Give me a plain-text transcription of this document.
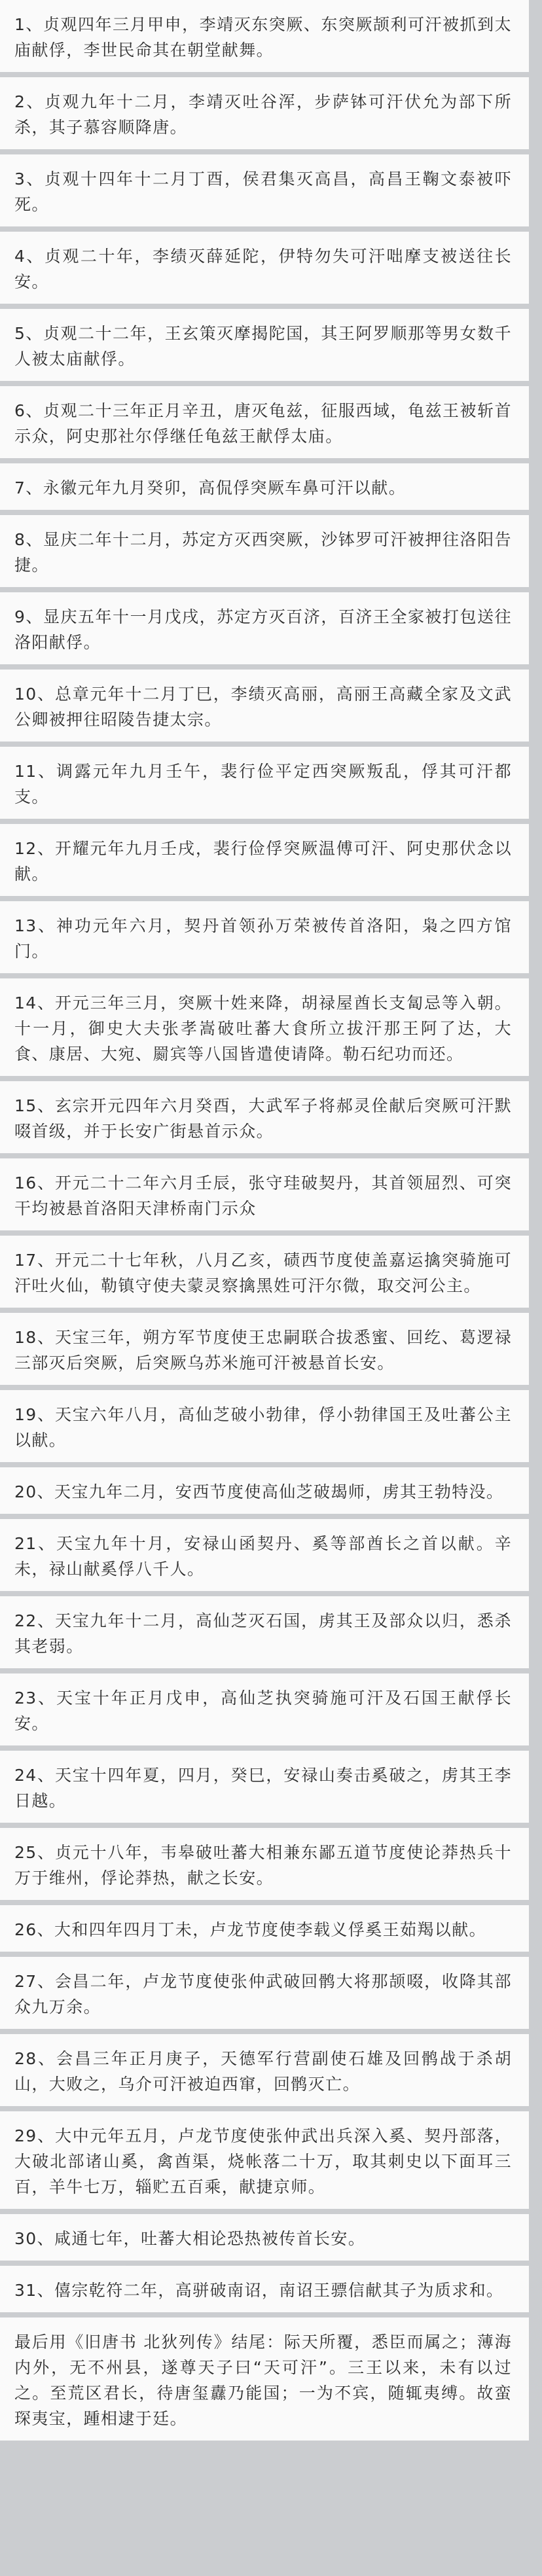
1、贞观四年三月甲申，李靖灭东突厥、东突厥颉利可汗被抓到太庙献俘，李世民命其在朝堂献舞。

2、贞观九年十二月，李靖灭吐谷浑，步萨钵可汗伏允为部下所杀，其子慕容顺降唐。

3、贞观十四年十二月丁酉，侯君集灭高昌，高昌王鞠文泰被吓死。

4、贞观二十年，李绩灭薛延陀，伊特勿失可汗咄摩支被送往长安。

5、贞观二十二年，王玄策灭摩揭陀国，其王阿罗顺那等男女数千人被太庙献俘。

6、贞观二十三年正月辛丑，唐灭龟兹，征服西域，龟兹王被斩首示众，阿史那社尔俘继任龟兹王献俘太庙。

7、永徽元年九月癸卯，高侃俘突厥车鼻可汗以献。

8、显庆二年十二月，苏定方灭西突厥，沙钵罗可汗被押往洛阳告捷。

9、显庆五年十一月戊戌，苏定方灭百济，百济王全家被打包送往洛阳献俘。

10、总章元年十二月丁巳，李绩灭高丽，高丽王高藏全家及文武公卿被押往昭陵告捷太宗。

11、调露元年九月壬午，裴行俭平定西突厥叛乱，俘其可汗都支。

12、开耀元年九月壬戌，裴行俭俘突厥温傅可汗、阿史那伏念以献。

13、神功元年六月，契丹首领孙万荣被传首洛阳，枭之四方馆门。

14、开元三年三月，突厥十姓来降，胡禄屋酋长支匐忌等入朝。十一月，御史大夫张孝嵩破吐蕃大食所立拔汗那王阿了达，大食、康居、大宛、罽宾等八国皆遣使请降。勒石纪功而还。

15、玄宗开元四年六月癸酉，大武军子将郝灵佺献后突厥可汗默啜首级，并于长安广街悬首示众。

16、开元二十二年六月壬辰，张守珪破契丹，其首领屈烈、可突干均被悬首洛阳天津桥南门示众

17、开元二十七年秋，八月乙亥，碛西节度使盖嘉运擒突骑施可汗吐火仙，勒镇守使夫蒙灵察擒黑姓可汗尔微，取交河公主。

18、天宝三年，朔方军节度使王忠嗣联合拔悉蜜、回纥、葛逻禄三部灭后突厥，后突厥乌苏米施可汗被悬首长安。

19、天宝六年八月，高仙芝破小勃律，俘小勃律国王及吐蕃公主以献。

20、天宝九年二月，安西节度使高仙芝破朅师，虏其王勃特没。

21、天宝九年十月，安禄山函契丹、奚等部酋长之首以献。辛未，禄山献奚俘八千人。

22、天宝九年十二月，高仙芝灭石国，虏其王及部众以归，悉杀其老弱。

23、天宝十年正月戊申，高仙芝执突骑施可汗及石国王献俘长安。

24、天宝十四年夏，四月，癸巳，安禄山奏击奚破之，虏其王李日越。

25、贞元十八年，韦皋破吐蕃大相兼东鄙五道节度使论莽热兵十万于维州，俘论莽热，献之长安。

26、大和四年四月丁未，卢龙节度使李载义俘奚王茹羯以献。

27、会昌二年，卢龙节度使张仲武破回鹘大将那颉啜，收降其部众九万余。

28、会昌三年正月庚子，天德军行营副使石雄及回鹘战于杀胡山，大败之，乌介可汗被迫西窜，回鹘灭亡。

29、大中元年五月，卢龙节度使张仲武出兵深入奚、契丹部落，大破北部诸山奚，禽酋渠，烧帐落二十万，取其刺史以下面耳三百，羊牛七万，辎贮五百乘，献捷京师。

30、咸通七年，吐蕃大相论恐热被传首长安。

31、僖宗乾符二年，高骈破南诏，南诏王骠信献其子为质求和。

最后用《旧唐书 北狄列传》结尾：际天所覆，悉臣而属之；薄海内外，无不州县，遂尊天子曰“天可汗”。三王以来，未有以过之。至荒区君长，待唐玺纛乃能国；一为不宾，随辄夷缚。故蛮琛夷宝，踵相逮于廷。
